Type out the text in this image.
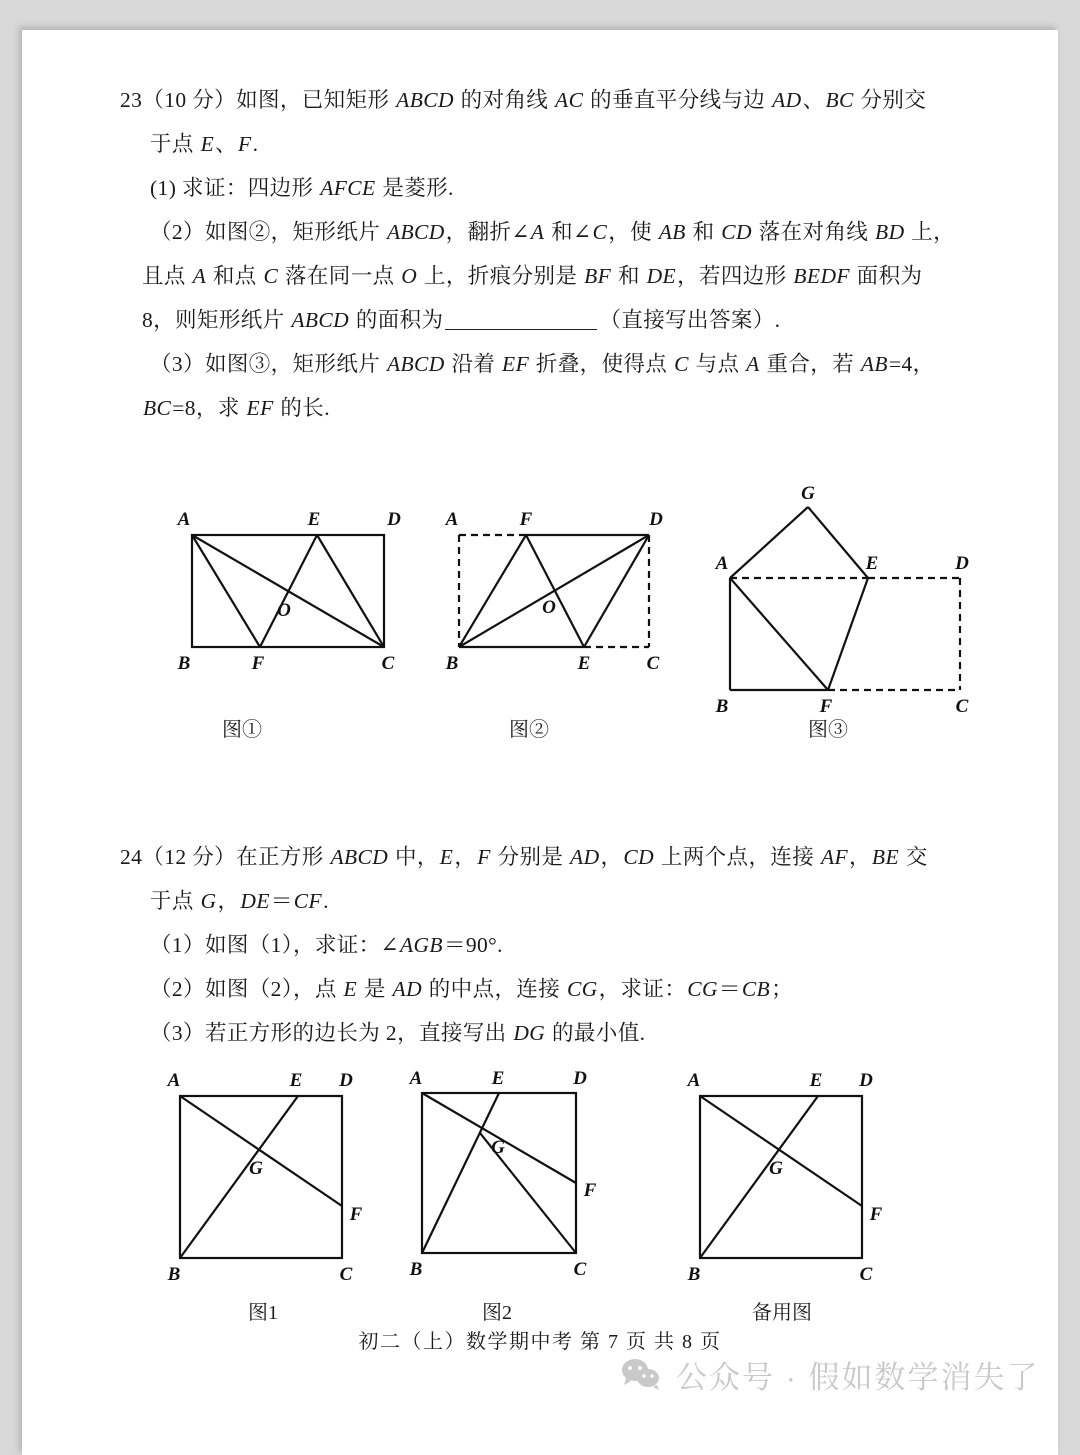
23（10 分）如图，已知矩形 ABCD 的对角线 AC 的垂直平分线与边 AD、BC 分别交
于点 E、F.
(1) 求证：四边形 AFCE 是菱形.
（2）如图②，矩形纸片 ABCD，翻折∠A 和∠C，使 AB 和 CD 落在对角线 BD 上，
且点 A 和点 C 落在同一点 O 上，折痕分别是 BF 和 DE，若四边形 BEDF 面积为
8，则矩形纸片 ABCD 的面积为	（直接写出答案）.
（3）如图③，矩形纸片 ABCD 沿着 EF 折叠，使得点 C 与点 A 重合，若 AB=4，
BC=8，求 EF 的长.
A	E	D
O
B	F	C
图①
A	F	D
O
B	E	C
图②
G
A	E	D
B	F	C
图③
24（12 分）在正方形 ABCD 中，E，F 分别是 AD，CD 上两个点，连接 AF，BE 交
于点 G，DE＝CF.
（1）如图（1），求证：∠AGB＝90°.
（2）如图（2），点 E 是 AD 的中点，连接 CG，求证：CG＝CB；
（3）若正方形的边长为 2，直接写出 DG 的最小值.
A	E D
G
F
B	C
图1
A	E	D
G
F
B	C
图2
A	E D
G
F
B	C
备用图
初二（上）数学期中考 第 7 页 共 8 页
公众号 · 假如数学消失了
